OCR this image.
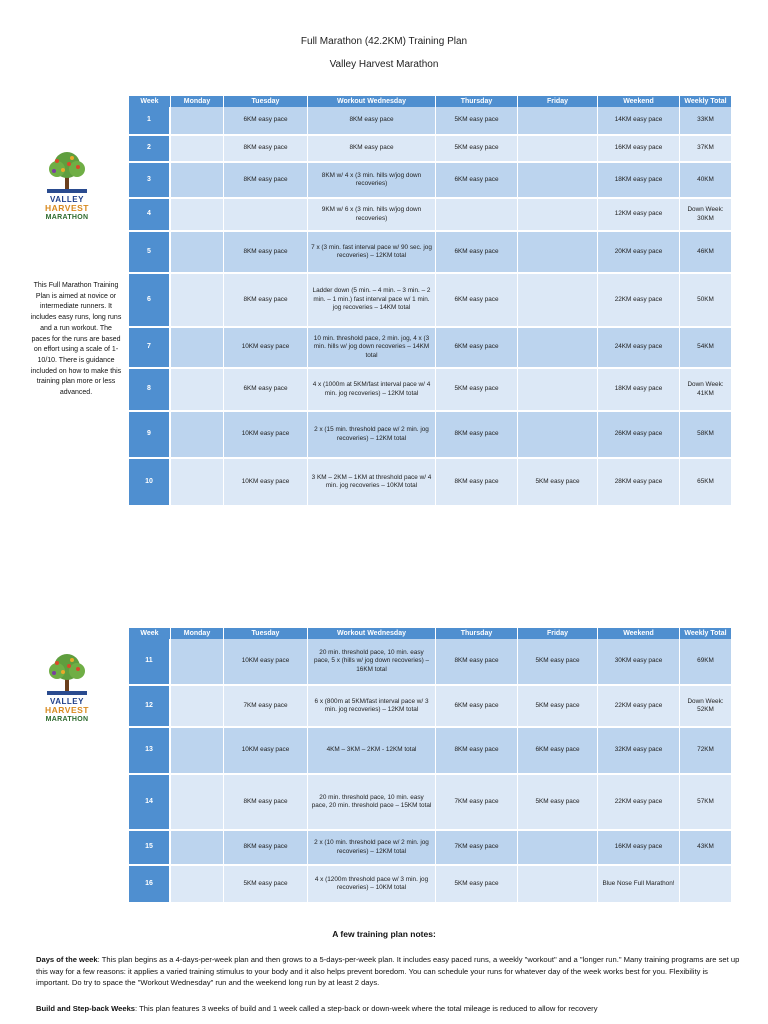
Full Marathon (42.2KM) Training Plan
Valley Harvest Marathon
VALLEY
HARVEST
MARATHON
This Full Marathon Training Plan is aimed at novice or intermediate runners. It includes easy runs, long runs and a run workout. The paces for the runs are based on effort using a scale of 1-10/10. There is guidance included on how to make this training plan more or less advanced.
Week	Monday	Tuesday	Workout Wednesday	Thursday	Friday	Weekend	Weekly Total
1		6KM easy pace	8KM easy pace	5KM easy pace		14KM easy pace	33KM
2		8KM easy pace	8KM easy pace	5KM easy pace		16KM easy pace	37KM
3		8KM easy pace	8KM w/ 4 x (3 min. hills w/jog down recoveries)	6KM easy pace		18KM easy pace	40KM
4			9KM w/ 6 x (3 min. hills w/jog down recoveries)			12KM easy pace	Down Week: 30KM
5		8KM easy pace	7 x (3 min. fast interval pace w/ 90 sec. jog recoveries) – 12KM total	6KM easy pace		20KM easy pace	46KM
6		8KM easy pace	Ladder down (5 min. – 4 min. – 3 min. – 2 min. – 1 min.) fast interval pace w/ 1 min. jog recoveries – 14KM total	6KM easy pace		22KM easy pace	50KM
7		10KM easy pace	10 min. threshold pace, 2 min. jog, 4 x (3 min. hills w/ jog down recoveries – 14KM total	6KM easy pace		24KM easy pace	54KM
8		6KM easy pace	4 x (1000m at 5KM/fast interval pace w/ 4 min. jog recoveries) – 12KM total	5KM easy pace		18KM easy pace	Down Week: 41KM
9		10KM easy pace	2 x (15 min. threshold pace w/ 2 min. jog recoveries) – 12KM total	8KM easy pace		26KM easy pace	58KM
10		10KM easy pace	3 KM – 2KM – 1KM at threshold pace w/ 4 min. jog recoveries – 10KM total	8KM easy pace	5KM easy pace	28KM easy pace	65KM
VALLEY
HARVEST
MARATHON
Week	Monday	Tuesday	Workout Wednesday	Thursday	Friday	Weekend	Weekly Total
11		10KM easy pace	20 min. threshold pace, 10 min. easy pace, 5 x (hills w/ jog down recoveries) – 16KM total	8KM easy pace	5KM easy pace	30KM easy pace	69KM
12		7KM easy pace	6 x (800m at 5KM/fast interval pace w/ 3 min. jog recoveries) – 12KM total	6KM easy pace	5KM easy pace	22KM easy pace	Down Week: 52KM
13		10KM easy pace	4KM – 3KM – 2KM - 12KM total	8KM easy pace	6KM easy pace	32KM easy pace	72KM
14		8KM easy pace	20 min. threshold pace, 10 min. easy pace, 20 min. threshold pace – 15KM total	7KM easy pace	5KM easy pace	22KM easy pace	57KM
15		8KM easy pace	2 x (10 min. threshold pace w/ 2 min. jog recoveries) – 12KM total	7KM easy pace		16KM easy pace	43KM
16		5KM easy pace	4 x (1200m threshold pace w/ 3 min. jog recoveries) – 10KM total	5KM easy pace		Blue Nose Full Marathon!	
A few training plan notes:

Days of the week: This plan begins as a 4-days-per-week plan and then grows to a 5-days-per-week plan. It includes easy paced runs, a weekly "workout" and a "longer run." Many training programs are set up this way for a few reasons: it applies a varied training stimulus to your body and it also helps prevent boredom. You can schedule your runs for whatever day of the week works best for you. Flexibility is important. Do try to space the "Workout Wednesday" run and the weekend long run by at least 2 days.

Build and Step-back Weeks: This plan features 3 weeks of build and 1 week called a step-back or down-week where the total mileage is reduced to allow for recovery
